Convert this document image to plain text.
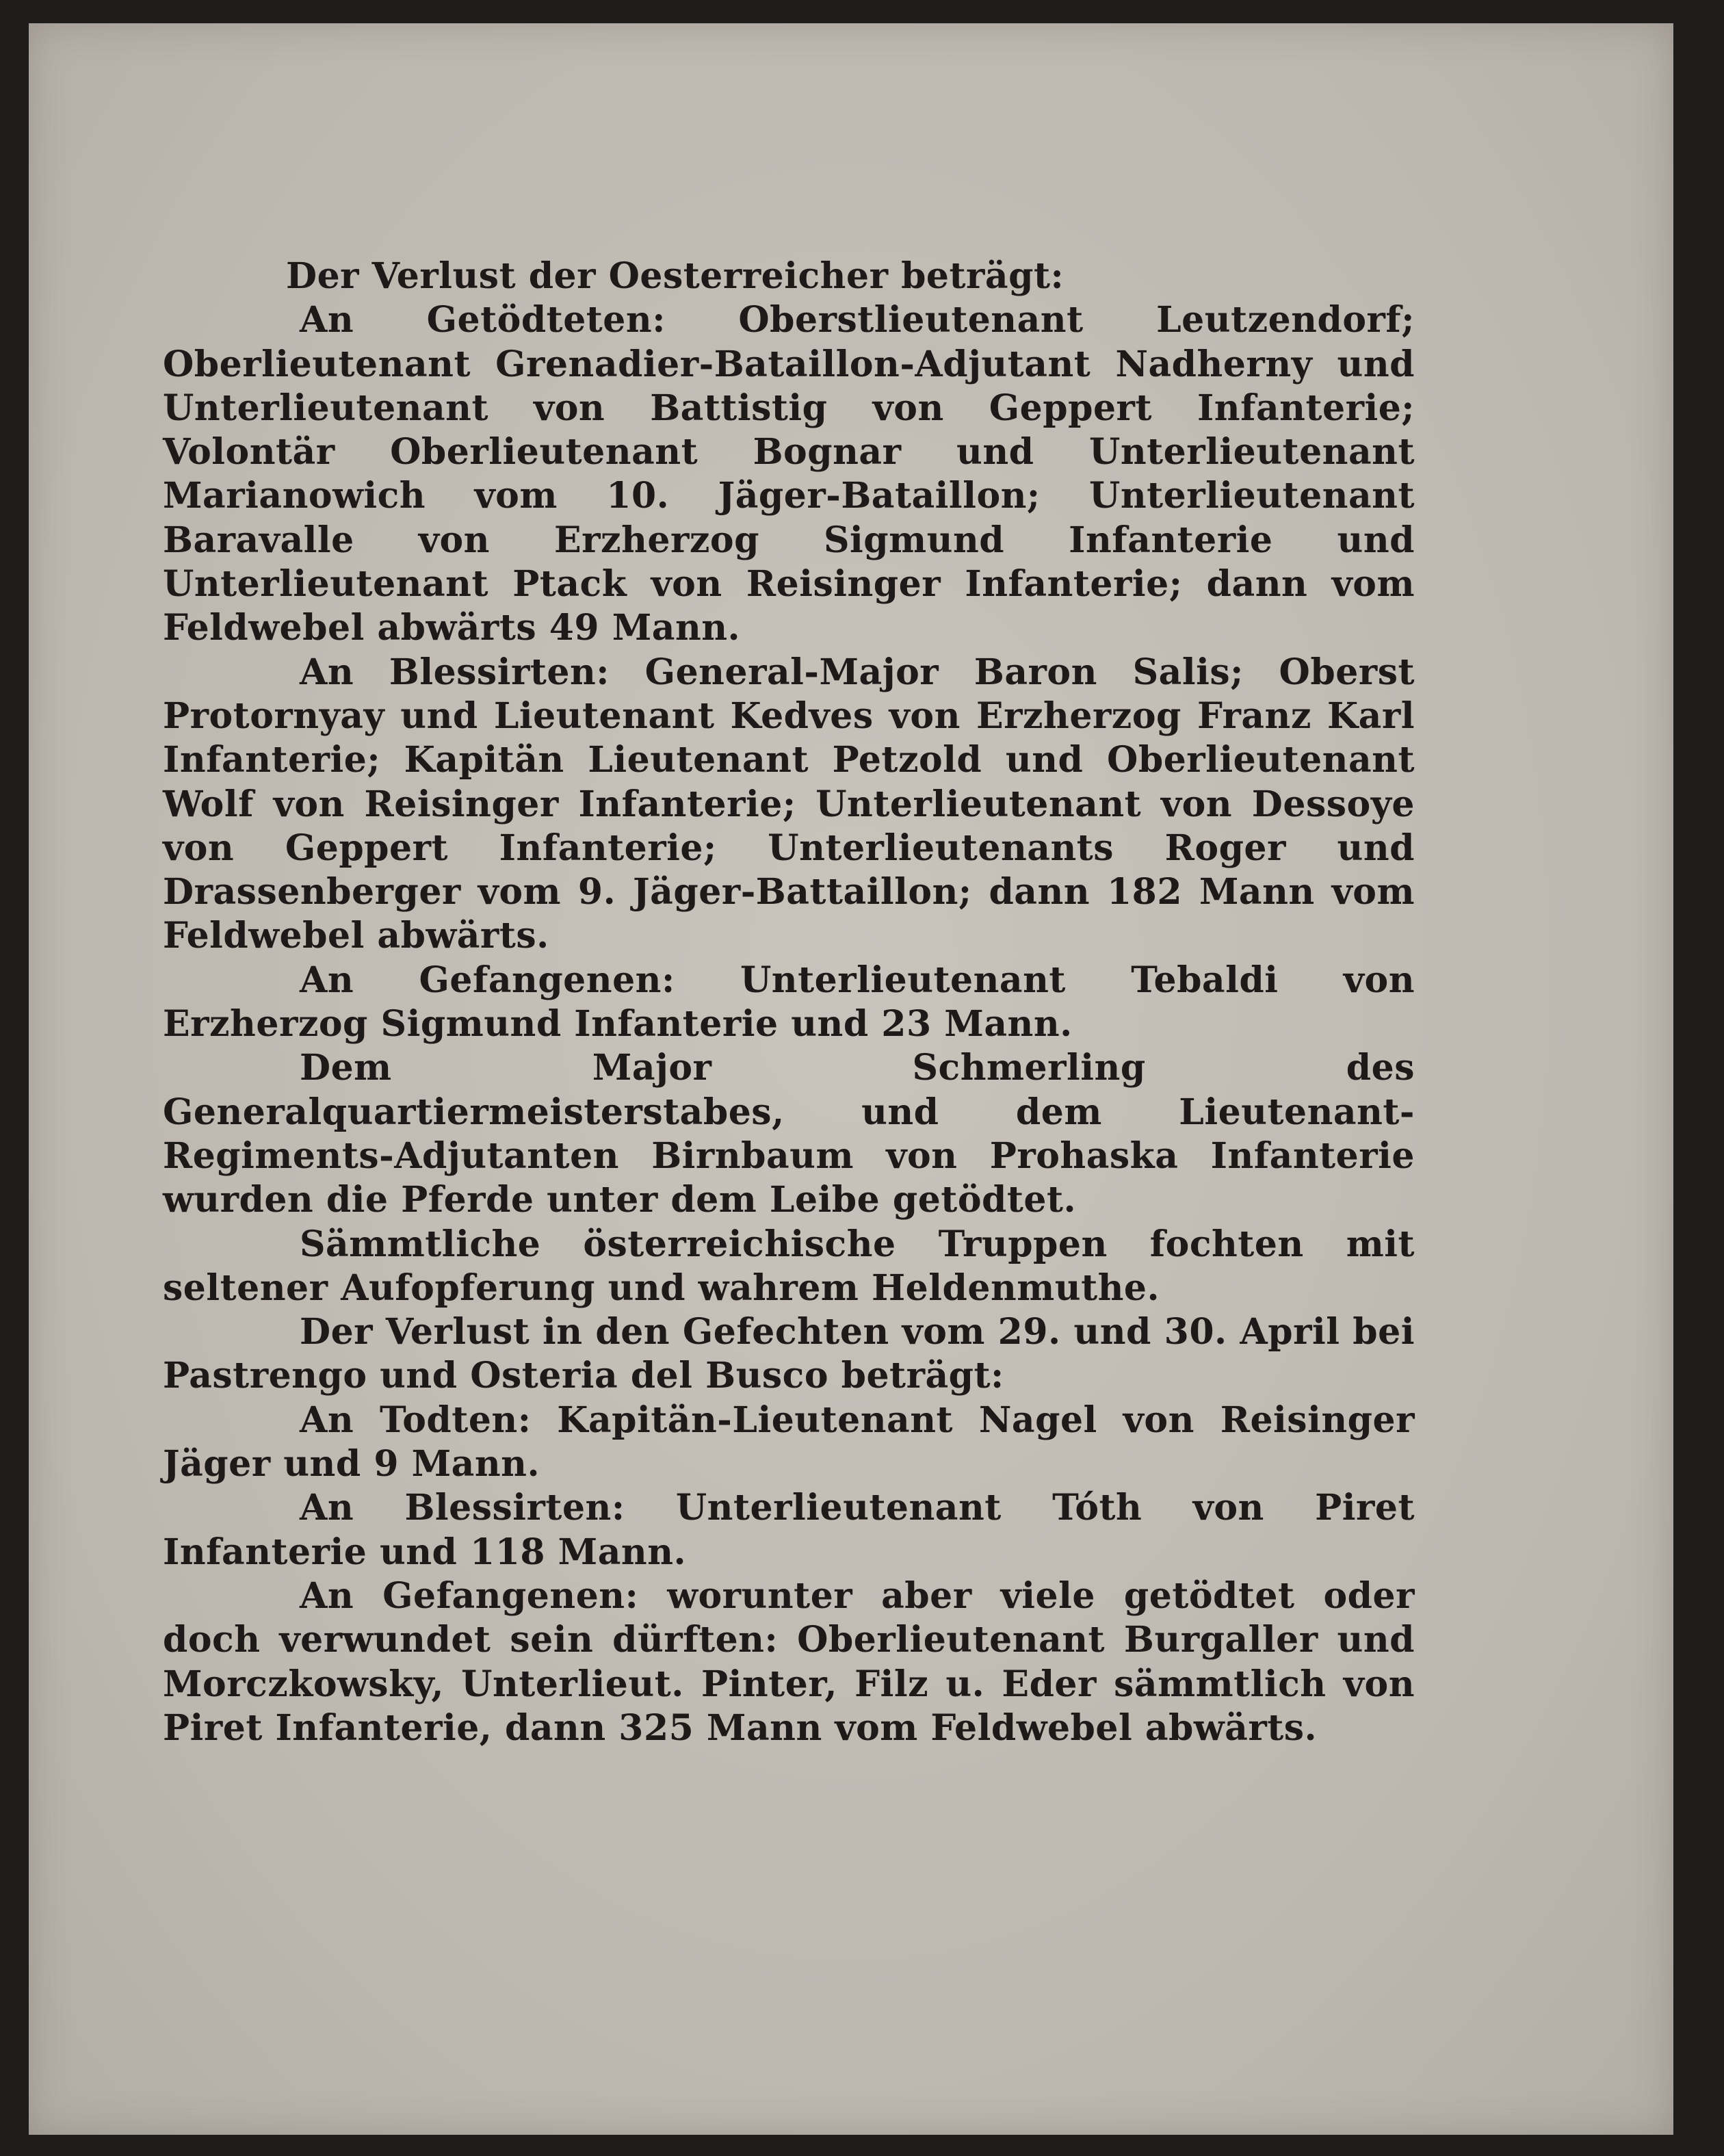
Der Verlust der Oesterreicher beträgt:

An Getödteten: Oberstlieutenant Leutzendorf; Oberlieutenant Grenadier-Bataillon-Adjutant Nadherny und Unterlieutenant von Battistig von Geppert Infanterie; Volontär Oberlieutenant Bognar und Unterlieutenant Marianowich vom 10. Jäger-Bataillon; Unterlieutenant Baravalle von Erzherzog Sigmund Infanterie und Unterlieutenant Ptack von Reisinger Infanterie; dann vom Feldwebel abwärts 49 Mann.

An Blessirten: General-Major Baron Salis; Oberst Protornyay und Lieutenant Kedves von Erzherzog Franz Karl Infanterie; Kapitän Lieutenant Petzold und Oberlieutenant Wolf von Reisinger Infanterie; Unterlieutenant von Dessoye von Geppert Infanterie; Unterlieutenants Roger und Drassenberger vom 9. Jäger-Battaillon; dann 182 Mann vom Feldwebel abwärts.

An Gefangenen: Unterlieutenant Tebaldi von Erzherzog Sigmund Infanterie und 23 Mann.

Dem Major Schmerling des Generalquartiermeisterstabes, und dem Lieutenant-Regiments-Adjutanten Birnbaum von Prohaska Infanterie wurden die Pferde unter dem Leibe getödtet.

Sämmtliche österreichische Truppen fochten mit seltener Aufopferung und wahrem Heldenmuthe.

Der Verlust in den Gefechten vom 29. und 30. April bei Pastrengo und Osteria del Busco beträgt:

An Todten: Kapitän-Lieutenant Nagel von Reisinger Jäger und 9 Mann.

An Blessirten: Unterlieutenant Tóth von Piret Infanterie und 118 Mann.

An Gefangenen: worunter aber viele getödtet oder doch verwundet sein dürften: Oberlieutenant Burgaller und Morczkowsky, Unterlieut. Pinter, Filz u. Eder sämmtlich von Piret Infanterie, dann 325 Mann vom Feldwebel abwärts.
